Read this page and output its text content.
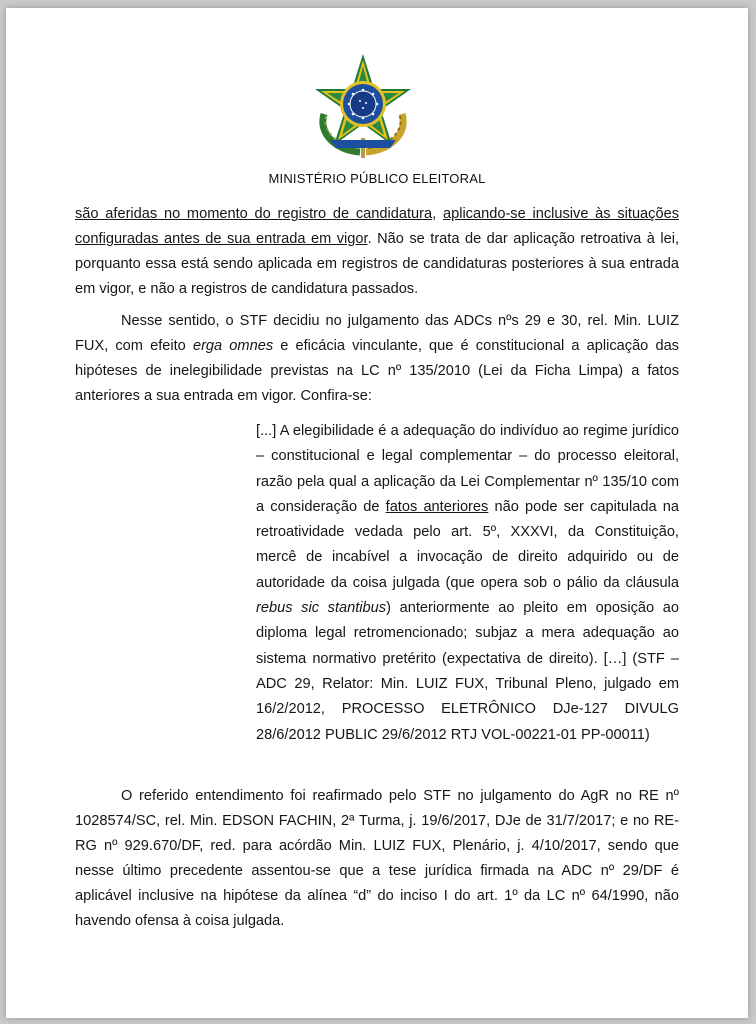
MINISTÉRIO PÚBLICO ELEITORAL

são aferidas no momento do registro de candidatura, aplicando-se inclusive às situações configuradas antes de sua entrada em vigor. Não se trata de dar aplicação retroativa à lei, porquanto essa está sendo aplicada em registros de candidaturas posteriores à sua entrada em vigor, e não a registros de candidatura passados.

Nesse sentido, o STF decidiu no julgamento das ADCs nºs 29 e 30, rel. Min. LUIZ FUX, com efeito erga omnes e eficácia vinculante, que é constitucional a aplicação das hipóteses de inelegibilidade previstas na LC nº 135/2010 (Lei da Ficha Limpa) a fatos anteriores a sua entrada em vigor. Confira-se:

[...] A elegibilidade é a adequação do indivíduo ao regime jurídico – constitucional e legal complementar – do processo eleitoral, razão pela qual a aplicação da Lei Complementar nº 135/10 com a consideração de fatos anteriores não pode ser capitulada na retroatividade vedada pelo art. 5º, XXXVI, da Constituição, mercê de incabível a invocação de direito adquirido ou de autoridade da coisa julgada (que opera sob o pálio da cláusula rebus sic stantibus) anteriormente ao pleito em oposição ao diploma legal retromencionado; subjaz a mera adequação ao sistema normativo pretérito (expectativa de direito). […] (STF – ADC 29, Relator: Min. LUIZ FUX, Tribunal Pleno, julgado em 16/2/2012, PROCESSO ELETRÔNICO DJe-127 DIVULG 28/6/2012 PUBLIC 29/6/2012 RTJ VOL-00221-01 PP-00011)

O referido entendimento foi reafirmado pelo STF no julgamento do AgR no RE nº 1028574/SC, rel. Min. EDSON FACHIN, 2ª Turma, j. 19/6/2017, DJe de 31/7/2017; e no RE-RG nº 929.670/DF, red. para acórdão Min. LUIZ FUX, Plenário, j. 4/10/2017, sendo que nesse último precedente assentou-se que a tese jurídica firmada na ADC nº 29/DF é aplicável inclusive na hipótese da alínea “d” do inciso I do art. 1º da LC nº 64/1990, não havendo ofensa à coisa julgada.
